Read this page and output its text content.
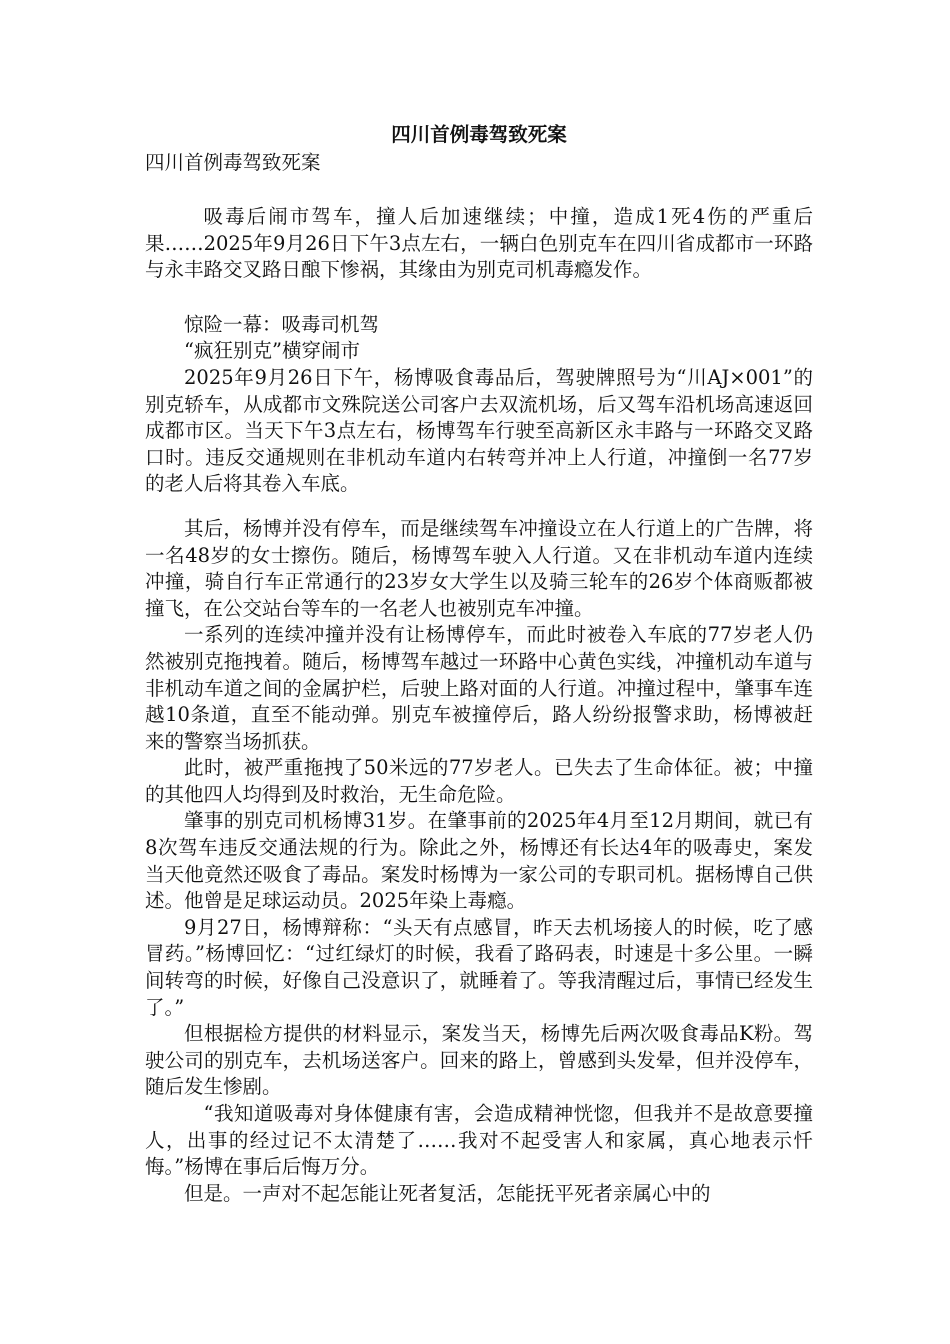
四川首例毒驾致死案

四川首例毒驾致死案

吸毒后闹市驾车，撞人后加速继续；中撞，造成1死4伤的严重后果……2025年9月26日下午3点左右，一辆白色别克车在四川省成都市一环路与永丰路交叉路日酿下惨祸，其缘由为别克司机毒瘾发作。

惊险一幕：吸毒司机驾

“疯狂别克”横穿闹市

2025年9月26日下午，杨博吸食毒品后，驾驶牌照号为“川AJ×001”的别克轿车，从成都市文殊院送公司客户去双流机场，后又驾车沿机场高速返回成都市区。当天下午3点左右，杨博驾车行驶至高新区永丰路与一环路交叉路口时。违反交通规则在非机动车道内右转弯并冲上人行道，冲撞倒一名77岁的老人后将其卷入车底。

其后，杨博并没有停车，而是继续驾车冲撞设立在人行道上的广告牌，将一名48岁的女士擦伤。随后，杨博驾车驶入人行道。又在非机动车道内连续冲撞，骑自行车正常通行的23岁女大学生以及骑三轮车的26岁个体商贩都被撞飞，在公交站台等车的一名老人也被别克车冲撞。

一系列的连续冲撞并没有让杨博停车，而此时被卷入车底的77岁老人仍然被别克拖拽着。随后，杨博驾车越过一环路中心黄色实线，冲撞机动车道与非机动车道之间的金属护栏，后驶上路对面的人行道。冲撞过程中，肇事车连越10条道，直至不能动弹。别克车被撞停后，路人纷纷报警求助，杨博被赶来的警察当场抓获。

此时，被严重拖拽了50米远的77岁老人。已失去了生命体征。被；中撞的其他四人均得到及时救治，无生命危险。

肇事的别克司机杨博31岁。在肇事前的2025年4月至12月期间，就已有8次驾车违反交通法规的行为。除此之外，杨博还有长达4年的吸毒史，案发当天他竟然还吸食了毒品。案发时杨博为一家公司的专职司机。据杨博自己供述。他曾是足球运动员。2025年染上毒瘾。

9月27日，杨博辩称：“头天有点感冒，昨天去机场接人的时候，吃了感冒药。”杨博回忆：“过红绿灯的时候，我看了路码表，时速是十多公里。一瞬间转弯的时候，好像自己没意识了，就睡着了。等我清醒过后，事情已经发生了。”

但根据检方提供的材料显示，案发当天，杨博先后两次吸食毒品K粉。驾驶公司的别克车，去机场送客户。回来的路上，曾感到头发晕，但并没停车，随后发生惨剧。

“我知道吸毒对身体健康有害，会造成精神恍惚，但我并不是故意要撞人，出事的经过记不太清楚了……我对不起受害人和家属，真心地表示忏悔。”杨博在事后后悔万分。

但是。一声对不起怎能让死者复活，怎能抚平死者亲属心中的
